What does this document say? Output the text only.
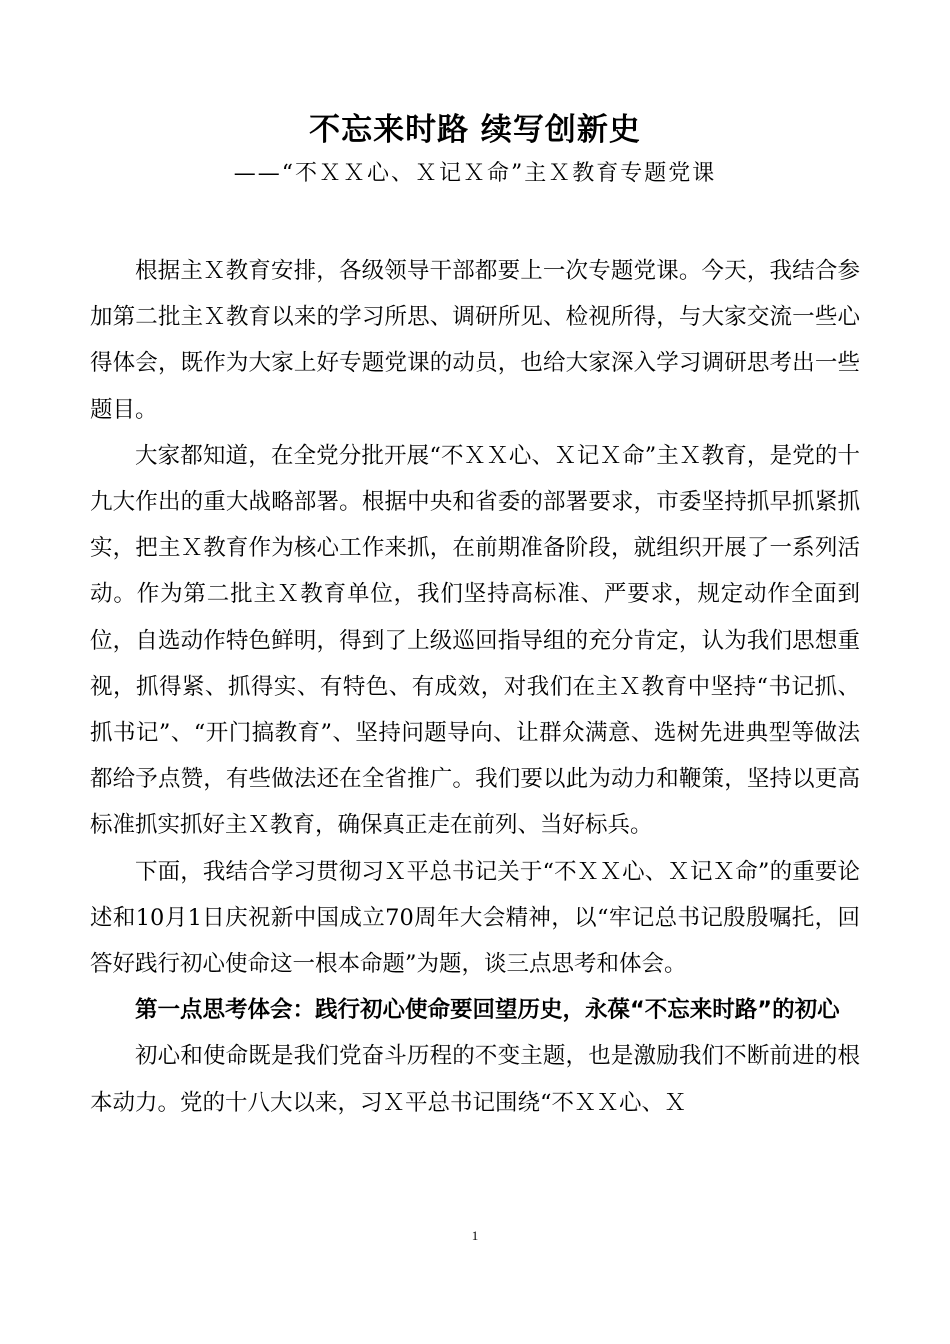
不忘来时路 续写创新史
——“不ＸＸ心、Ｘ记Ｘ命”主Ｘ教育专题党课

根据主Ｘ教育安排，各级领导干部都要上一次专题党课。今天，我结合参加第二批主Ｘ教育以来的学习所思、调研所见、检视所得，与大家交流一些心得体会，既作为大家上好专题党课的动员，也给大家深入学习调研思考出一些题目。

大家都知道，在全党分批开展“不ＸＸ心、Ｘ记Ｘ命”主Ｘ教育，是党的十九大作出的重大战略部署。根据中央和省委的部署要求，市委坚持抓早抓紧抓实，把主Ｘ教育作为核心工作来抓，在前期准备阶段，就组织开展了一系列活动。作为第二批主Ｘ教育单位，我们坚持高标准、严要求，规定动作全面到位，自选动作特色鲜明，得到了上级巡回指导组的充分肯定，认为我们思想重视，抓得紧、抓得实、有特色、有成效，对我们在主Ｘ教育中坚持“书记抓、抓书记”、“开门搞教育”、坚持问题导向、让群众满意、选树先进典型等做法都给予点赞，有些做法还在全省推广。我们要以此为动力和鞭策，坚持以更高标准抓实抓好主Ｘ教育，确保真正走在前列、当好标兵。

下面，我结合学习贯彻习Ｘ平总书记关于“不ＸＸ心、Ｘ记Ｘ命”的重要论述和10月1日庆祝新中国成立70周年大会精神，以“牢记总书记殷殷嘱托，回答好践行初心使命这一根本命题”为题，谈三点思考和体会。

第一点思考体会：践行初心使命要回望历史，永葆“不忘来时路”的初心

初心和使命既是我们党奋斗历程的不变主题，也是激励我们不断前进的根本动力。党的十八大以来，习Ｘ平总书记围绕“不ＸＸ心、Ｘ

1
